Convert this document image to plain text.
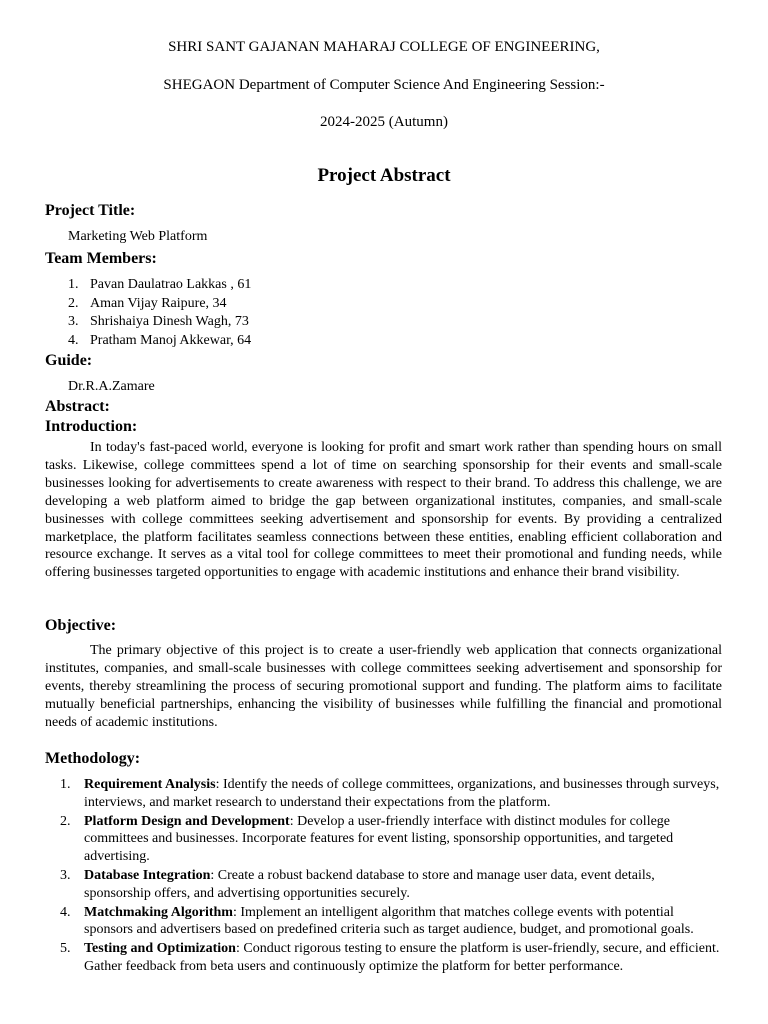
SHRI SANT GAJANAN MAHARAJ COLLEGE OF ENGINEERING,
SHEGAON Department of Computer Science And Engineering Session:-
2024-2025 (Autumn)
Project Abstract
Project Title:
Marketing Web Platform
Team Members:
1. Pavan Daulatrao Lakkas , 61
2. Aman Vijay Raipure, 34
3. Shrishaiya Dinesh Wagh, 73
4. Pratham Manoj Akkewar, 64
Guide:
Dr.R.A.Zamare
Abstract:
Introduction:

In today's fast-paced world, everyone is looking for profit and smart work rather than spending hours on small tasks. Likewise, college committees spend a lot of time on searching sponsorship for their events and small-scale businesses looking for advertisements to create awareness with respect to their brand. To address this challenge, we are developing a web platform aimed to bridge the gap between organizational institutes, companies, and small-scale businesses with college committees seeking advertisement and sponsorship for events. By providing a centralized marketplace, the platform facilitates seamless connections between these entities, enabling efficient collaboration and resource exchange. It serves as a vital tool for college committees to meet their promotional and funding needs, while offering businesses targeted opportunities to engage with academic institutions and enhance their brand visibility.

Objective:

The primary objective of this project is to create a user-friendly web application that connects organizational institutes, companies, and small-scale businesses with college committees seeking advertisement and sponsorship for events, thereby streamlining the process of securing promotional support and funding. The platform aims to facilitate mutually beneficial partnerships, enhancing the visibility of businesses while fulfilling the financial and promotional needs of academic institutions.

Methodology:
1. Requirement Analysis: Identify the needs of college committees, organizations, and businesses through surveys, interviews, and market research to understand their expectations from the platform.
2. Platform Design and Development: Develop a user-friendly interface with distinct modules for college committees and businesses. Incorporate features for event listing, sponsorship opportunities, and targeted advertising.
3. Database Integration: Create a robust backend database to store and manage user data, event details, sponsorship offers, and advertising opportunities securely.
4. Matchmaking Algorithm: Implement an intelligent algorithm that matches college events with potential sponsors and advertisers based on predefined criteria such as target audience, budget, and promotional goals.
5. Testing and Optimization: Conduct rigorous testing to ensure the platform is user-friendly, secure, and efficient. Gather feedback from beta users and continuously optimize the platform for better performance.
